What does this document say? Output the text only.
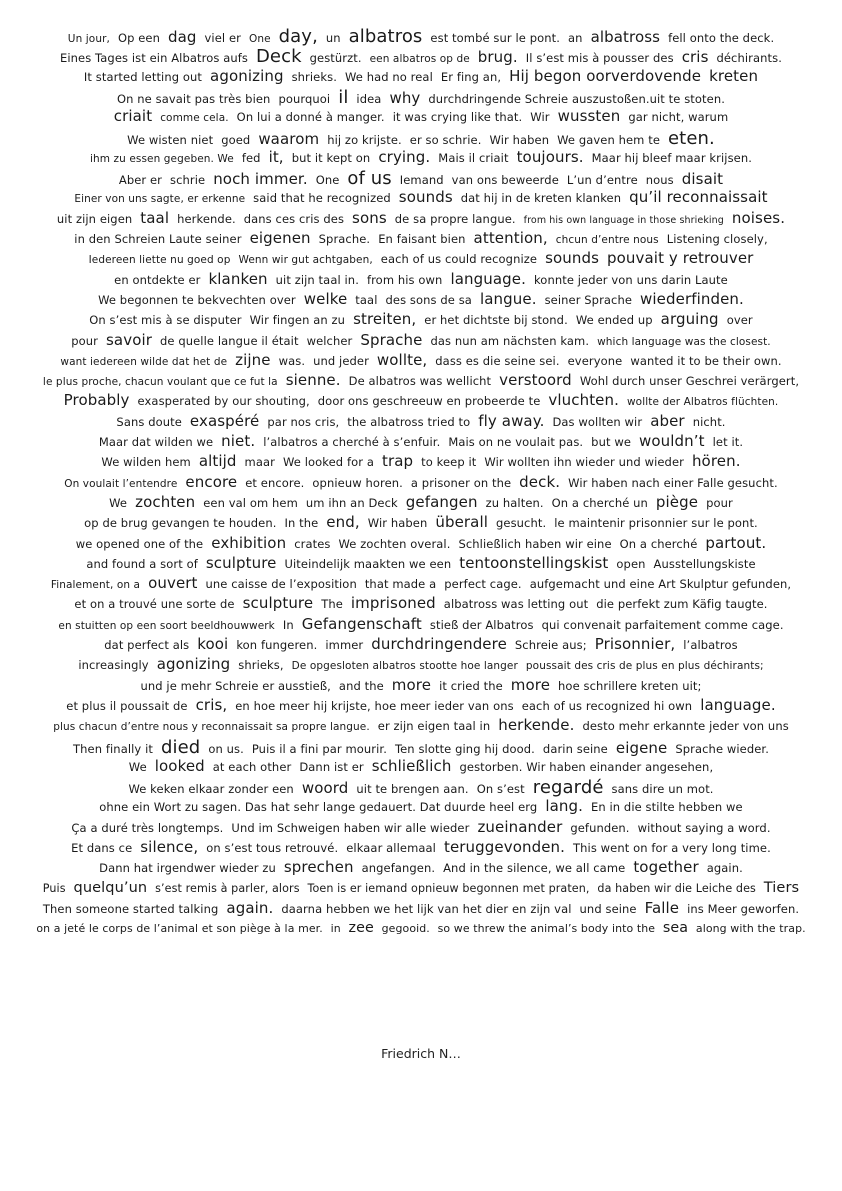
Un jour, Op een dag viel er One day, un albatros est tombé sur le pont. an albatross fell onto the deck.
Eines Tages ist ein Albatros aufs Deck gestürzt. een albatros op de brug. Il s’est mis à pousser des cris déchirants.
It started letting out agonizing shrieks. We had no real Er fing an, Hij begon oorverdovende kreten
On ne savait pas très bien pourquoi il idea why durchdringende Schreie auszustoßen.uit te stoten.
criait comme cela. On lui a donné à manger. it was crying like that. Wir wussten gar nicht, warum
We wisten niet goed waarom hij zo krijste. er so schrie. Wir haben We gaven hem te eten.
ihm zu essen gegeben. We fed it, but it kept on crying. Mais il criait toujours. Maar hij bleef maar krijsen.
Aber er schrie noch immer. One of us Iemand van ons beweerde L’un d’entre nous disait
Einer von uns sagte, er erkenne said that he recognized sounds dat hij in de kreten klanken qu’il reconnaissait
uit zijn eigen taal herkende. dans ces cris des sons de sa propre langue. from his own language in those shrieking noises.
in den Schreien Laute seiner eigenen Sprache. En faisant bien attention, chcun d’entre nous Listening closely,
Iedereen liette nu goed op Wenn wir gut achtgaben, each of us could recognize sounds pouvait y retrouver
en ontdekte er klanken uit zijn taal in. from his own language. konnte jeder von uns darin Laute
We begonnen te bekvechten over welke taal des sons de sa langue. seiner Sprache wiederfinden.
On s’est mis à se disputer Wir fingen an zu streiten, er het dichtste bij stond. We ended up arguing over
pour savoir de quelle langue il était welcher Sprache das nun am nächsten kam. which language was the closest.
want iedereen wilde dat het de zijne was. und jeder wollte, dass es die seine sei. everyone wanted it to be their own.
le plus proche, chacun voulant que ce fut la sienne. De albatros was wellicht verstoord Wohl durch unser Geschrei verärgert,
Probably exasperated by our shouting, door ons geschreeuw en probeerde te vluchten. wollte der Albatros flüchten.
Sans doute exaspéré par nos cris, the albatross tried to fly away. Das wollten wir aber nicht.
Maar dat wilden we niet. l’albatros a cherché à s’enfuir. Mais on ne voulait pas. but we wouldn’t let it.
We wilden hem altijd maar We looked for a trap to keep it Wir wollten ihn wieder und wieder hören.
On voulait l’entendre encore et encore. opnieuw horen. a prisoner on the deck. Wir haben nach einer Falle gesucht.
We zochten een val om hem um ihn an Deck gefangen zu halten. On a cherché un piège pour
op de brug gevangen te houden. In the end, Wir haben überall gesucht. le maintenir prisonnier sur le pont.
we opened one of the exhibition crates We zochten overal. Schließlich haben wir eine On a cherché partout.
and found a sort of sculpture Uiteindelijk maakten we een tentoonstellingskist open Ausstellungskiste
Finalement, on a ouvert une caisse de l’exposition that made a perfect cage. aufgemacht und eine Art Skulptur gefunden,
et on a trouvé une sorte de sculpture The imprisoned albatross was letting out die perfekt zum Käfig taugte.
en stuitten op een soort beeldhouwwerk In Gefangenschaft stieß der Albatros qui convenait parfaitement comme cage.
dat perfect als kooi kon fungeren. immer durchdringendere Schreie aus; Prisonnier, l’albatros
increasingly agonizing shrieks, De opgesloten albatros stootte hoe langer poussait des cris de plus en plus déchirants;
und je mehr Schreie er ausstieß, and the more it cried the more hoe schrillere kreten uit;
et plus il poussait de cris, en hoe meer hij krijste, hoe meer ieder van ons each of us recognized hi own language.
plus chacun d’entre nous y reconnaissait sa propre langue. er zijn eigen taal in herkende. desto mehr erkannte jeder von uns
Then finally it died on us. Puis il a fini par mourir. Ten slotte ging hij dood. darin seine eigene Sprache wieder.
We looked at each other Dann ist er schließlich gestorben. Wir haben einander angesehen,
We keken elkaar zonder een woord uit te brengen aan. On s’est regardé sans dire un mot.
ohne ein Wort zu sagen. Das hat sehr lange gedauert. Dat duurde heel erg lang. En in die stilte hebben we
Ça a duré très longtemps. Und im Schweigen haben wir alle wieder zueinander gefunden. without saying a word.
Et dans ce silence, on s’est tous retrouvé. elkaar allemaal teruggevonden. This went on for a very long time.
Dann hat irgendwer wieder zu sprechen angefangen. And in the silence, we all came together again.
Puis quelqu’un s’est remis à parler, alors Toen is er iemand opnieuw begonnen met praten, da haben wir die Leiche des Tiers
Then someone started talking again. daarna hebben we het lijk van het dier en zijn val und seine Falle ins Meer geworfen.
on a jeté le corps de l’animal et son piège à la mer. in zee gegooid. so we threw the animal’s body into the sea along with the trap.
Friedrich N…
